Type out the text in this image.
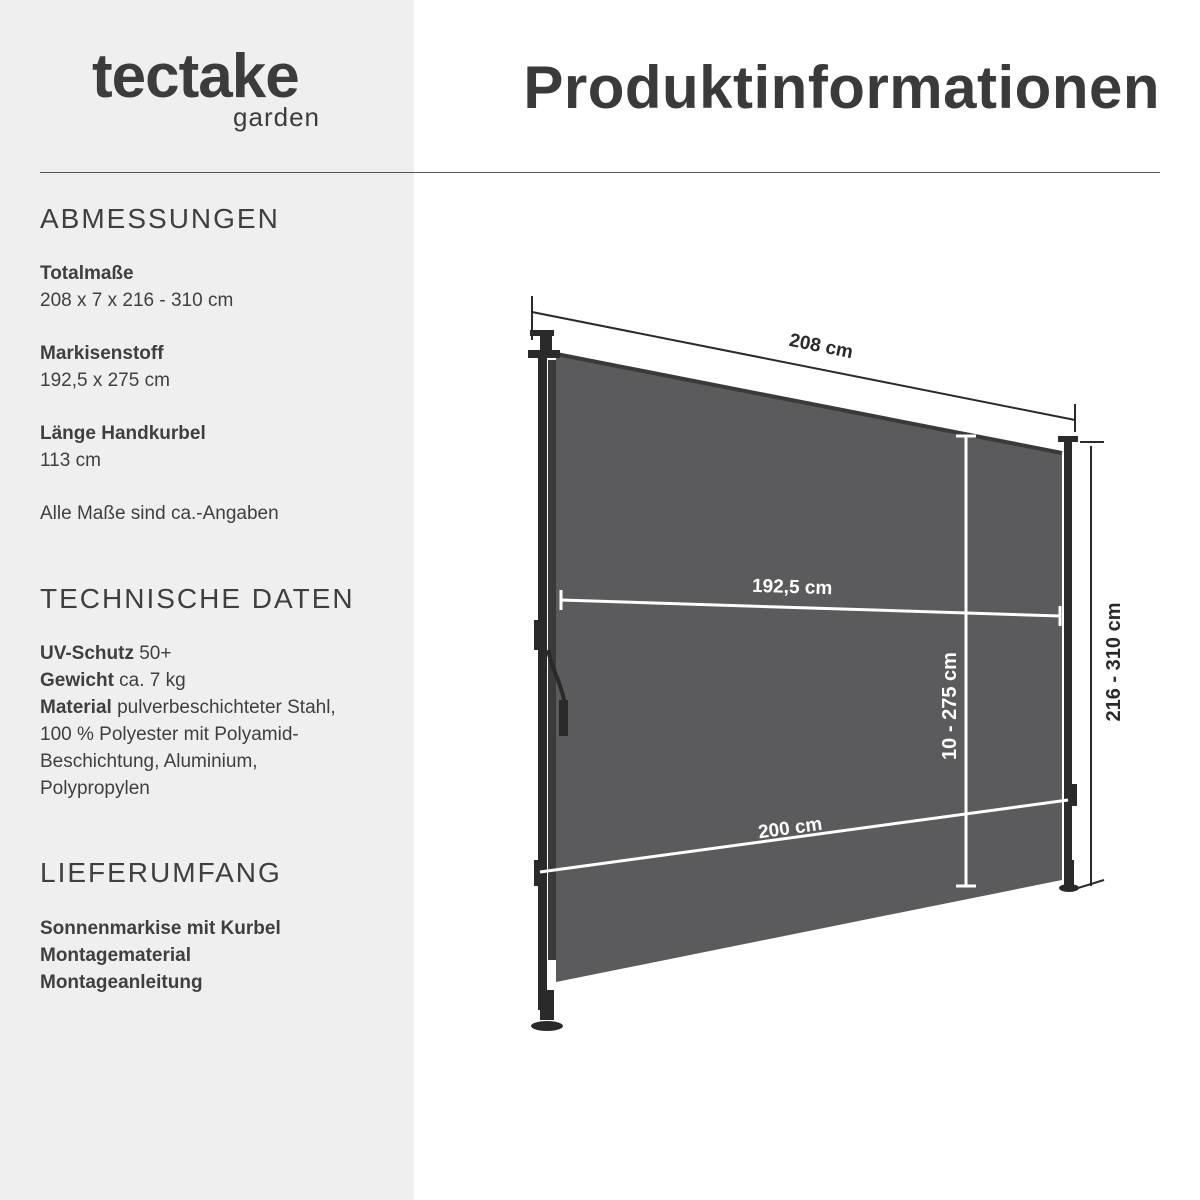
tectake
garden	Produktinformationen
ABMESSUNGEN
Totalmaße
208 x 7 x 216 - 310 cm
Markisenstoff
192,5 x 275 cm
Länge Handkurbel
113 cm
Alle Maße sind ca.-Angaben
TECHNISCHE DATEN
UV-Schutz 50+
Gewicht ca. 7 kg
Material pulverbeschichteter Stahl, 100 % Polyester mit Polyamid-Beschichtung, Aluminium, Polypropylen
LIEFERUMFANG
Sonnenmarkise mit Kurbel
Montagematerial
Montageanleitung
208 cm
216 - 310 cm
192,5 cm
200 cm
10 - 275 cm
